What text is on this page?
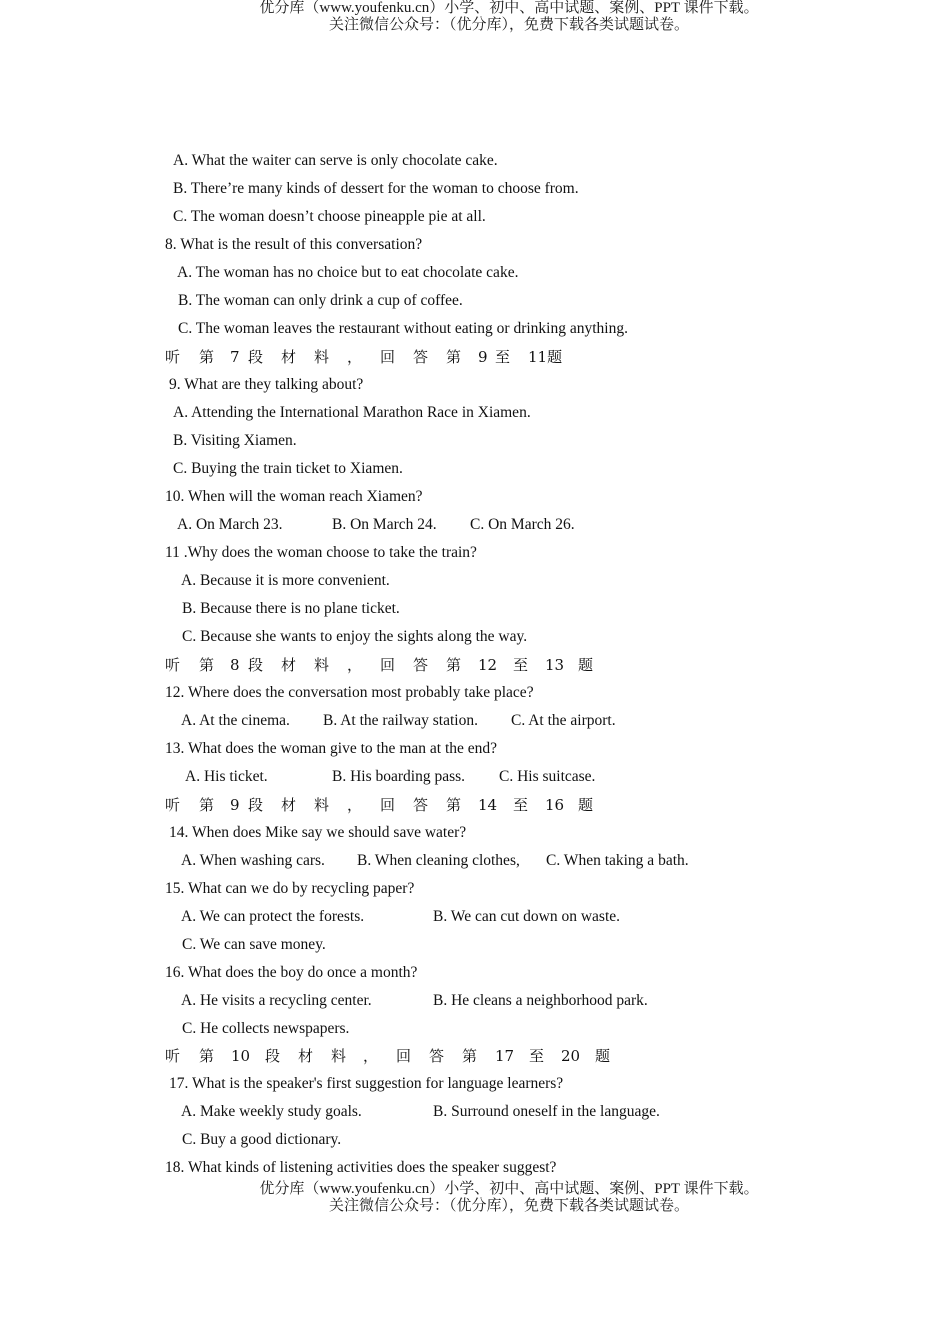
优分库（www.youfenku.cn）小学、初中、高中试题、案例、PPT 课件下载。
关注微信公众号：（优分库），免费下载各类试题试卷。
A. What the waiter can serve is only chocolate cake.
B. There’re many kinds of dessert for the woman to choose from.
C. The woman doesn’t choose pineapple pie at all.
8. What is the result of this conversation?
A. The woman has no choice but to eat chocolate cake.
B. The woman can only drink a cup of coffee.
C. The woman leaves the restaurant without eating or drinking anything.
听 第 7 段 材 料 ， 回 答 第 9 至 11题
9. What are they talking about?
A. Attending the International Marathon Race in Xiamen.
B. Visiting Xiamen.
C. Buying the train ticket to Xiamen.
10. When will the woman reach Xiamen?
A. On March 23.	B. On March 24. C. On March 26.
11 .Why does the woman choose to take the train?
A. Because it is more convenient.
B. Because there is no plane ticket.
C. Because she wants to enjoy the sights along the way.
听 第 8 段 材 料 ， 回 答 第 12 至 13 题
12. Where does the conversation most probably take place?
A. At the cinema. B. At the railway station. C. At the airport.
13. What does the woman give to the man at the end?
A. His ticket.	B. His boarding pass. C. His suitcase.
听 第 9 段 材 料 ， 回 答 第 14 至 16 题
14. When does Mike say we should save water?
A. When washing cars. B. When cleaning clothes, C. When taking a bath.
15. What can we do by recycling paper?
A. We can protect the forests.	B. We can cut down on waste.
C. We can save money.
16. What does the boy do once a month?
A. He visits a recycling center.	B. He cleans a neighborhood park.
C. He collects newspapers.
听 第 10 段 材 料 ， 回 答 第 17 至 20 题
17. What is the speaker's first suggestion for language learners?
A. Make weekly study goals.	B. Surround oneself in the language.
C. Buy a good dictionary.
18. What kinds of listening activities does the speaker suggest?
优分库（www.youfenku.cn）小学、初中、高中试题、案例、PPT 课件下载。
关注微信公众号：（优分库），免费下载各类试题试卷。
